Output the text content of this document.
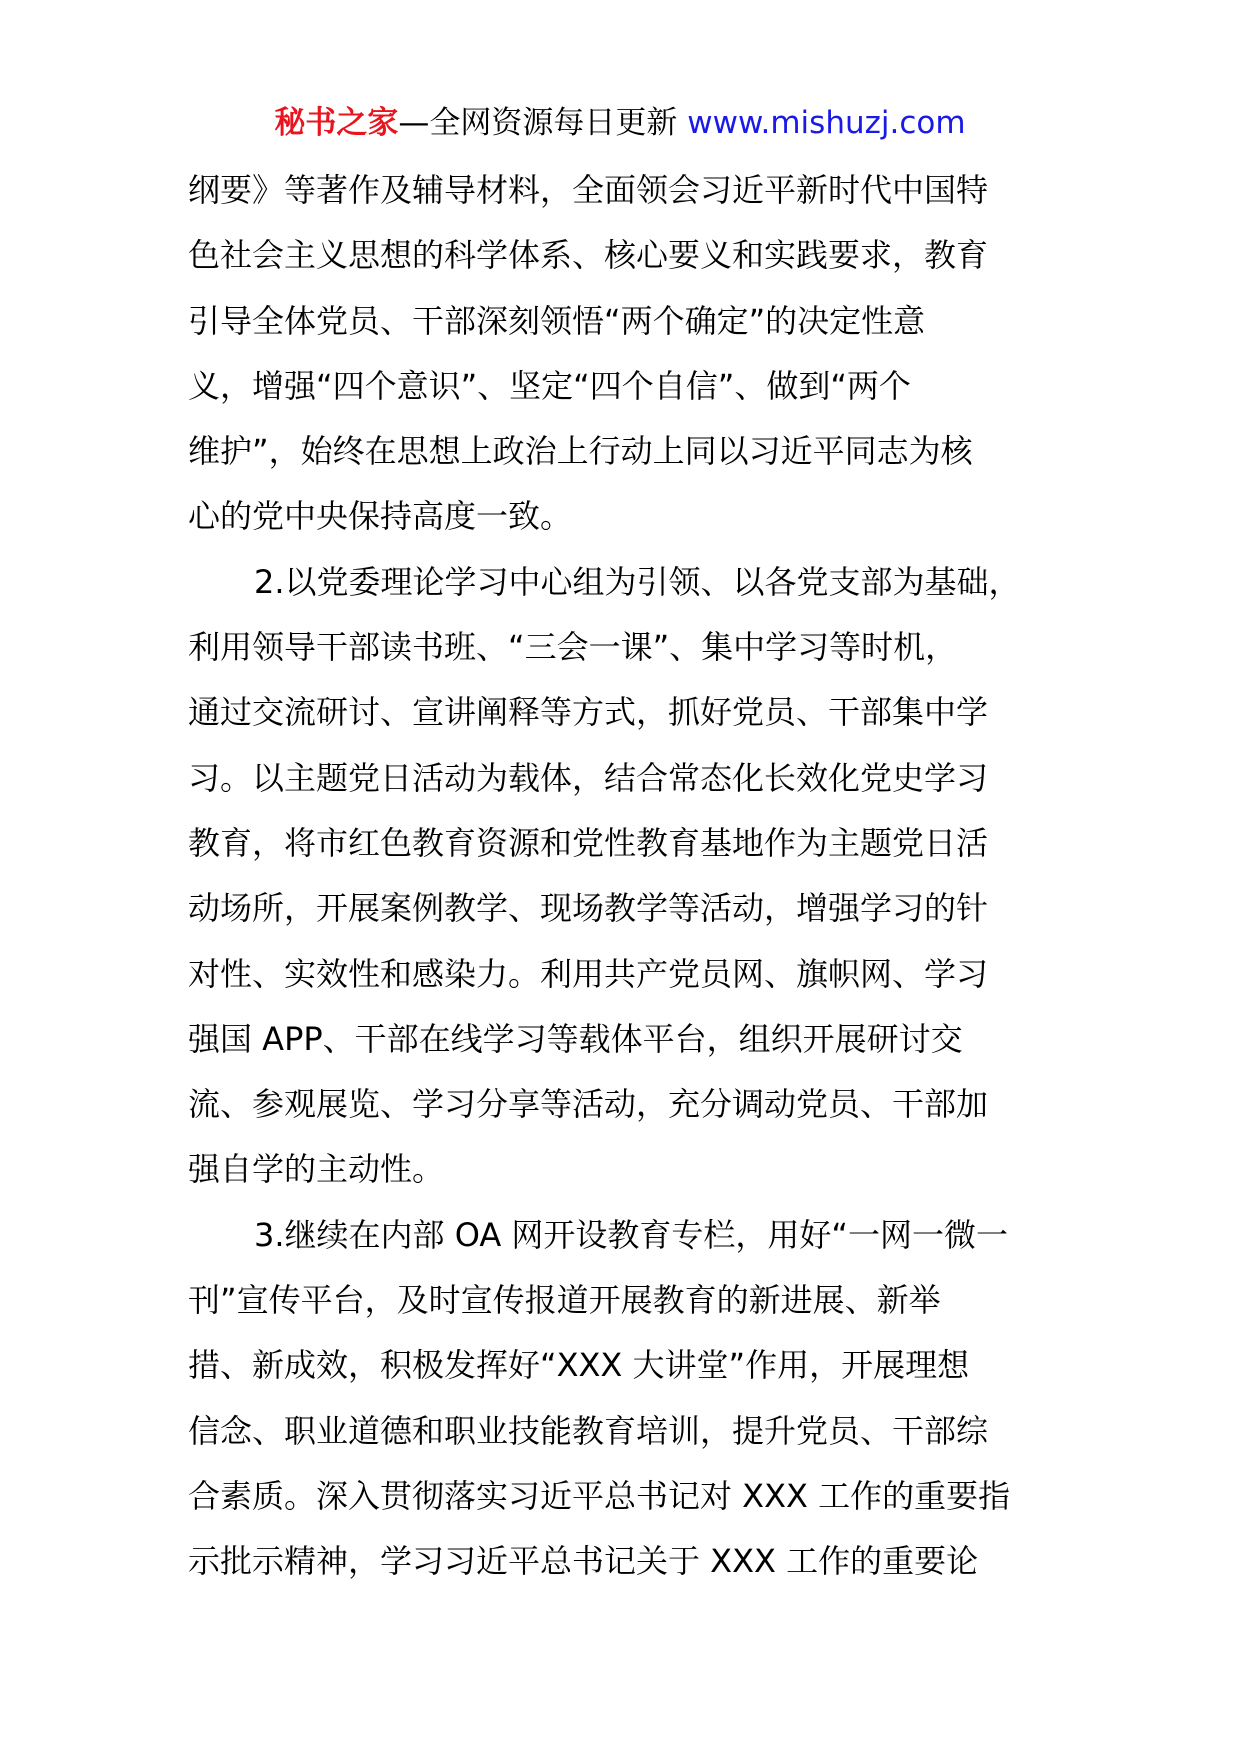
秘书之家—全网资源每日更新 www.mishuzj.com
纲要》等著作及辅导材料，全面领会习近平新时代中国特
色社会主义思想的科学体系、核心要义和实践要求，教育
引导全体党员、干部深刻领悟“两个确定”的决定性意
义，增强“四个意识”、坚定“四个自信”、做到“两个
维护”，始终在思想上政治上行动上同以习近平同志为核
心的党中央保持高度一致。
2.以党委理论学习中心组为引领、以各党支部为基础，
利用领导干部读书班、“三会一课”、集中学习等时机，
通过交流研讨、宣讲阐释等方式，抓好党员、干部集中学
习。以主题党日活动为载体，结合常态化长效化党史学习
教育，将市红色教育资源和党性教育基地作为主题党日活
动场所，开展案例教学、现场教学等活动，增强学习的针
对性、实效性和感染力。利用共产党员网、旗帜网、学习
强国 APP、干部在线学习等载体平台，组织开展研讨交
流、参观展览、学习分享等活动，充分调动党员、干部加
强自学的主动性。
3.继续在内部 OA 网开设教育专栏，用好“一网一微一
刊”宣传平台，及时宣传报道开展教育的新进展、新举
措、新成效，积极发挥好“XXX 大讲堂”作用，开展理想
信念、职业道德和职业技能教育培训，提升党员、干部综
合素质。深入贯彻落实习近平总书记对 XXX 工作的重要指
示批示精神，学习习近平总书记关于 XXX 工作的重要论
